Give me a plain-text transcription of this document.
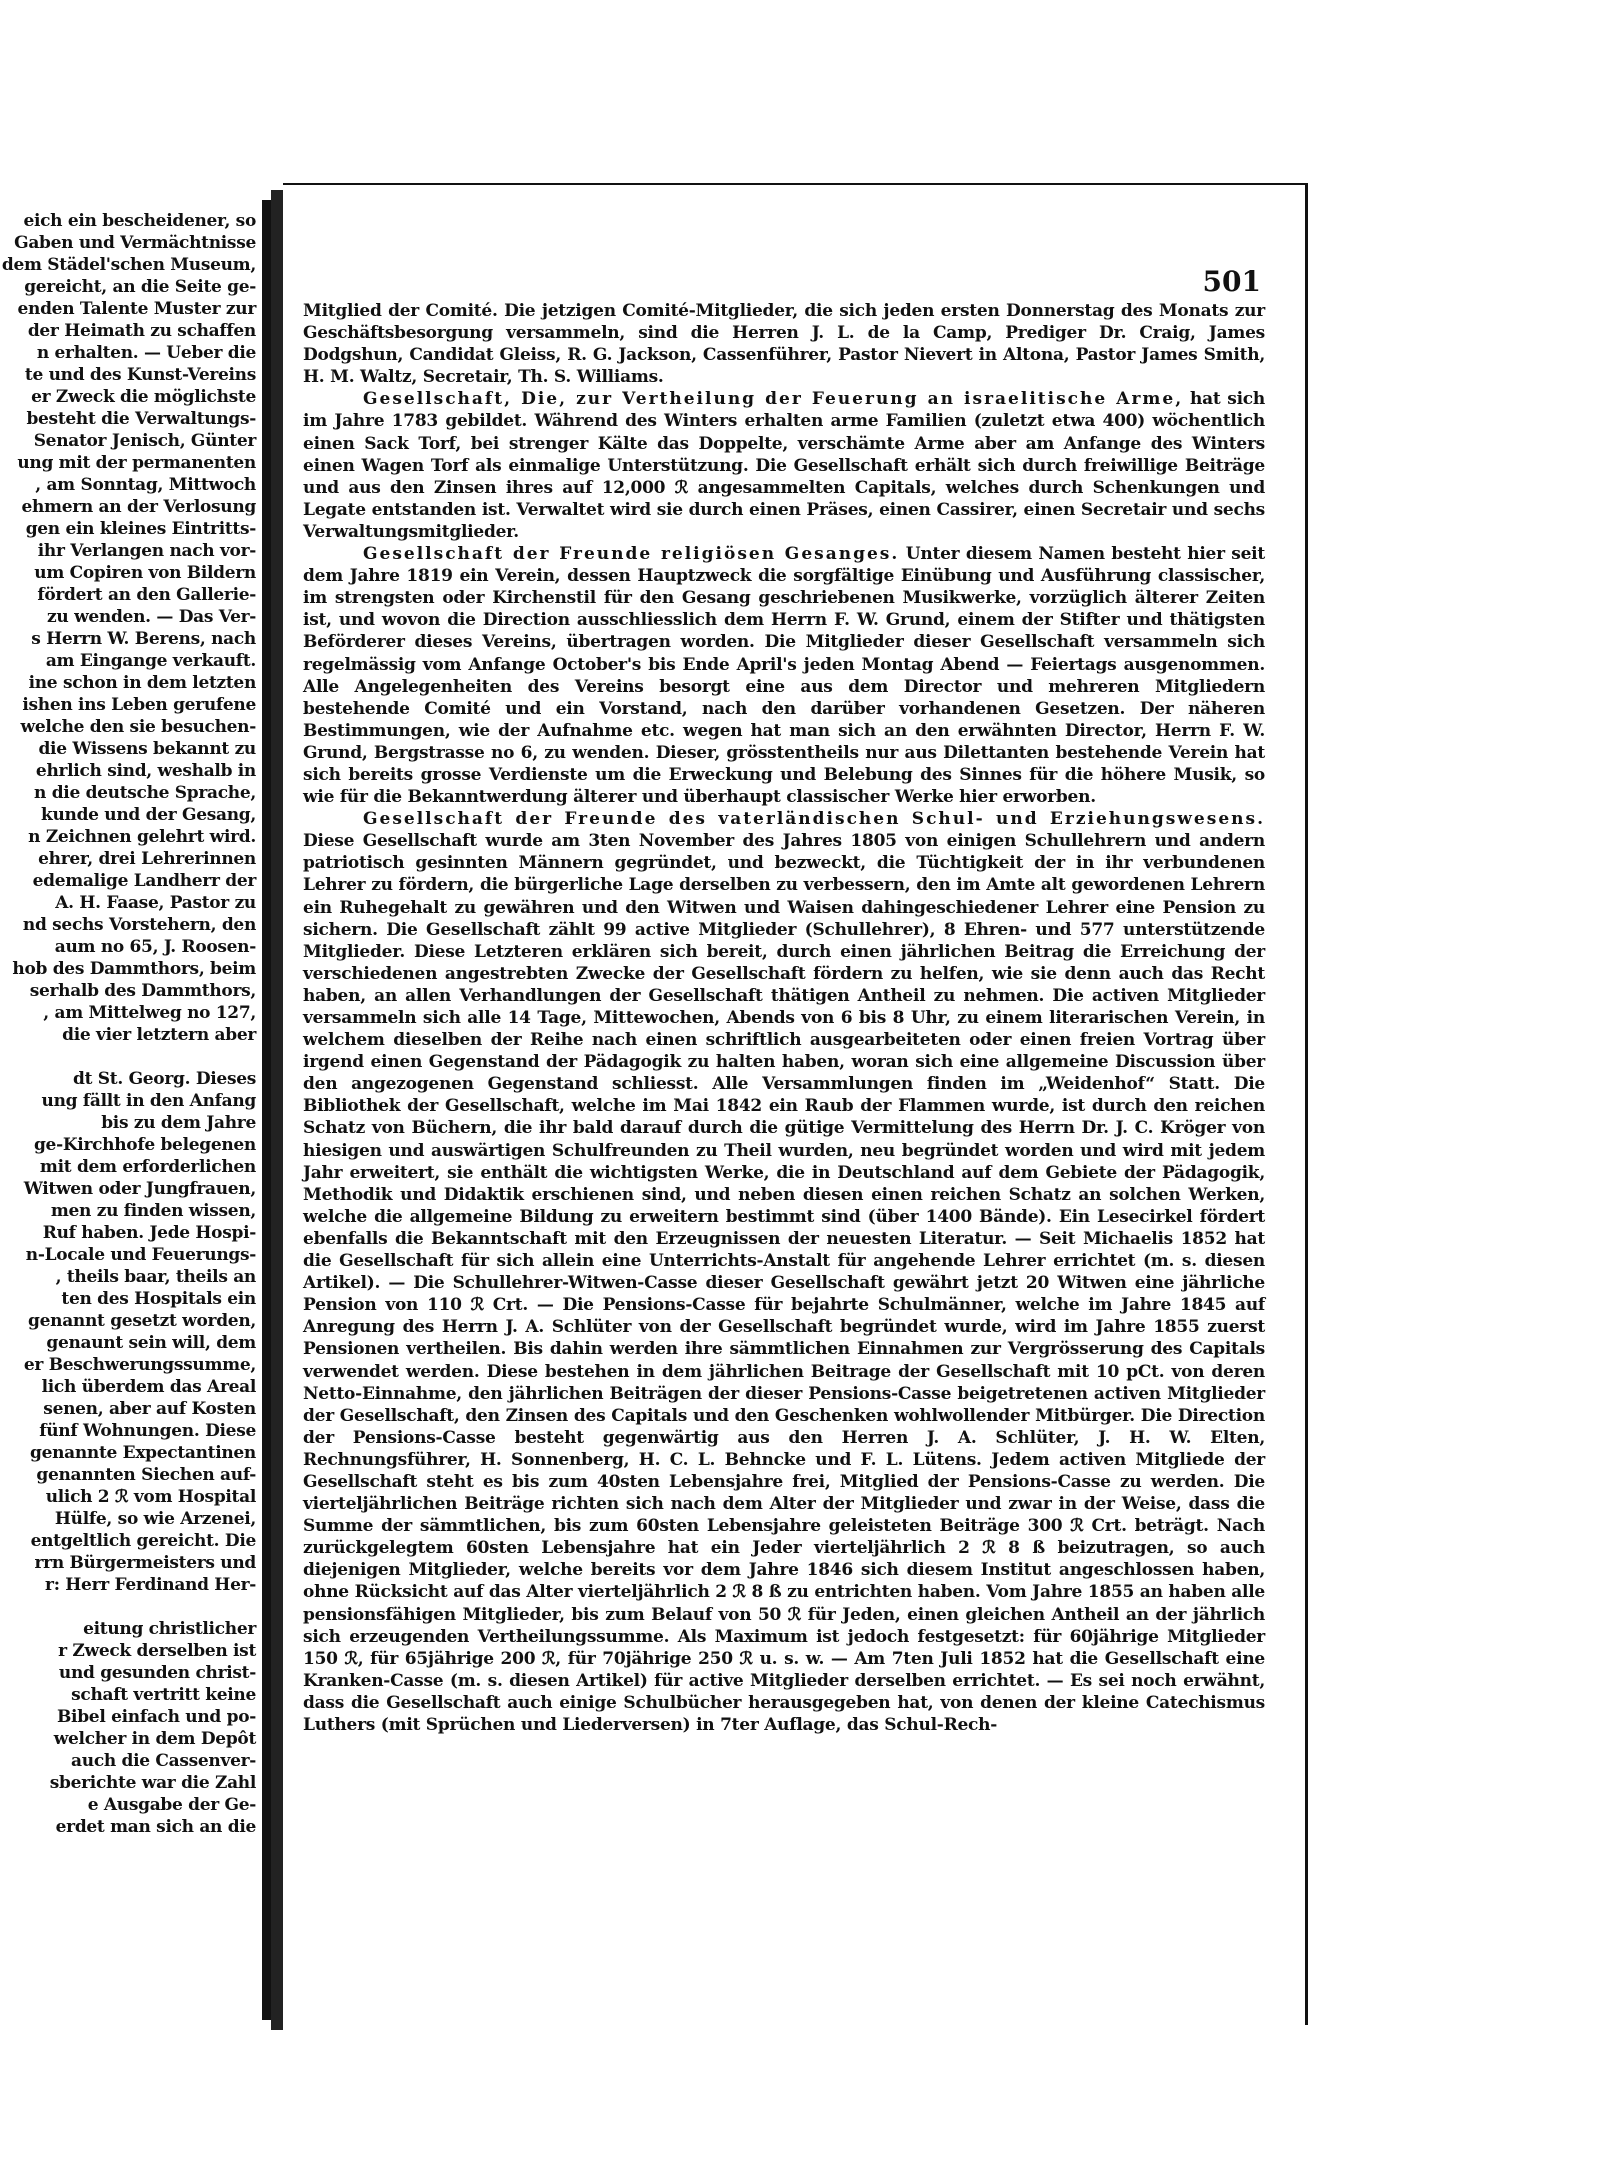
eich ein bescheidener, so
Gaben und Vermächtnisse
dem Städel'schen Museum,
gereicht, an die Seite ge-
enden Talente Muster zur
der Heimath zu schaffen
n erhalten. — Ueber die
te und des Kunst-Vereins
er Zweck die möglichste
besteht die Verwaltungs-
Senator Jenisch, Günter
ung mit der permanenten
, am Sonntag, Mittwoch
ehmern an der Verlosung
gen ein kleines Eintritts-
ihr Verlangen nach vor-
um Copiren von Bildern
fördert an den Gallerie-
zu wenden. — Das Ver-
s Herrn W. Berens, nach
am Eingange verkauft.
ine schon in dem letzten
ishen ins Leben gerufene
welche den sie besuchen-
die Wissens bekannt zu
ehrlich sind, weshalb in
n die deutsche Sprache,
kunde und der Gesang,
n Zeichnen gelehrt wird.
ehrer, drei Lehrerinnen
edemalige Landherr der
A. H. Faase, Pastor zu
nd sechs Vorstehern, den
aum no 65, J. Roosen-
hob des Dammthors, beim
serhalb des Dammthors,
, am Mittelweg no 127,
die vier letztern aber
dt St. Georg. Dieses
ung fällt in den Anfang
bis zu dem Jahre
ge-Kirchhofe belegenen
mit dem erforderlichen
Witwen oder Jungfrauen,
men zu finden wissen,
Ruf haben. Jede Hospi-
n-Locale und Feuerungs-
, theils baar, theils an
ten des Hospitals ein
genannt gesetzt worden,
genaunt sein will, dem
er Beschwerungssumme,
lich überdem das Areal
senen, aber auf Kosten
fünf Wohnungen. Diese
genannte Expectantinen
genannten Siechen auf-
ulich 2 ℛ vom Hospital
Hülfe, so wie Arzenei,
entgeltlich gereicht. Die
rrn Bürgermeisters und
r: Herr Ferdinand Her-
eitung christlicher
r Zweck derselben ist
und gesunden christ-
schaft vertritt keine
Bibel einfach und po-
welcher in dem Depôt
auch die Cassenver-
sberichte war die Zahl
e Ausgabe der Ge-
erdet man sich an die
501

Mitglied der Comité. Die jetzigen Comité-Mitglieder, die sich jeden ersten Donnerstag des Monats zur Geschäftsbesorgung versammeln, sind die Herren J. L. de la Camp, Prediger Dr. Craig, James Dodgshun, Candidat Gleiss, R. G. Jackson, Cassenführer, Pastor Nievert in Altona, Pastor James Smith, H. M. Waltz, Secretair, Th. S. Williams.

Gesellschaft, Die, zur Vertheilung der Feuerung an israelitische Arme, hat sich im Jahre 1783 gebildet. Während des Winters erhalten arme Familien (zuletzt etwa 400) wöchentlich einen Sack Torf, bei strenger Kälte das Doppelte, verschämte Arme aber am Anfange des Winters einen Wagen Torf als einmalige Unterstützung. Die Gesellschaft erhält sich durch freiwillige Beiträge und aus den Zinsen ihres auf 12,000 ℛ angesammelten Capitals, welches durch Schenkungen und Legate entstanden ist. Verwaltet wird sie durch einen Präses, einen Cassirer, einen Secretair und sechs Verwaltungsmitglieder.

Gesellschaft der Freunde religiösen Gesanges. Unter diesem Namen besteht hier seit dem Jahre 1819 ein Verein, dessen Hauptzweck die sorgfältige Einübung und Ausführung classischer, im strengsten oder Kirchenstil für den Gesang geschriebenen Musikwerke, vorzüglich älterer Zeiten ist, und wovon die Direction ausschliesslich dem Herrn F. W. Grund, einem der Stifter und thätigsten Beförderer dieses Vereins, übertragen worden. Die Mitglieder dieser Gesellschaft versammeln sich regelmässig vom Anfange October's bis Ende April's jeden Montag Abend — Feiertags ausgenommen. Alle Angelegenheiten des Vereins besorgt eine aus dem Director und mehreren Mitgliedern bestehende Comité und ein Vorstand, nach den darüber vorhandenen Gesetzen. Der näheren Bestimmungen, wie der Aufnahme etc. wegen hat man sich an den erwähnten Director, Herrn F. W. Grund, Bergstrasse no 6, zu wenden. Dieser, grösstentheils nur aus Dilettanten bestehende Verein hat sich bereits grosse Verdienste um die Erweckung und Belebung des Sinnes für die höhere Musik, so wie für die Bekanntwerdung älterer und überhaupt classischer Werke hier erworben.

Gesellschaft der Freunde des vaterländischen Schul- und Erziehungswesens. Diese Gesellschaft wurde am 3ten November des Jahres 1805 von einigen Schullehrern und andern patriotisch gesinnten Männern gegründet, und bezweckt, die Tüchtigkeit der in ihr verbundenen Lehrer zu fördern, die bürgerliche Lage derselben zu verbessern, den im Amte alt gewordenen Lehrern ein Ruhegehalt zu gewähren und den Witwen und Waisen dahingeschiedener Lehrer eine Pension zu sichern. Die Gesellschaft zählt 99 active Mitglieder (Schullehrer), 8 Ehren- und 577 unterstützende Mitglieder. Diese Letzteren erklären sich bereit, durch einen jährlichen Beitrag die Erreichung der verschiedenen angestrebten Zwecke der Gesellschaft fördern zu helfen, wie sie denn auch das Recht haben, an allen Verhandlungen der Gesellschaft thätigen Antheil zu nehmen. Die activen Mitglieder versammeln sich alle 14 Tage, Mittewochen, Abends von 6 bis 8 Uhr, zu einem literarischen Verein, in welchem dieselben der Reihe nach einen schriftlich ausgearbeiteten oder einen freien Vortrag über irgend einen Gegenstand der Pädagogik zu halten haben, woran sich eine allgemeine Discussion über den angezogenen Gegenstand schliesst. Alle Versammlungen finden im „Weidenhof“ Statt. Die Bibliothek der Gesellschaft, welche im Mai 1842 ein Raub der Flammen wurde, ist durch den reichen Schatz von Büchern, die ihr bald darauf durch die gütige Vermittelung des Herrn Dr. J. C. Kröger von hiesigen und auswärtigen Schulfreunden zu Theil wurden, neu begründet worden und wird mit jedem Jahr erweitert, sie enthält die wichtigsten Werke, die in Deutschland auf dem Gebiete der Pädagogik, Methodik und Didaktik erschienen sind, und neben diesen einen reichen Schatz an solchen Werken, welche die allgemeine Bildung zu erweitern bestimmt sind (über 1400 Bände). Ein Lesecirkel fördert ebenfalls die Bekanntschaft mit den Erzeugnissen der neuesten Literatur. — Seit Michaelis 1852 hat die Gesellschaft für sich allein eine Unterrichts-Anstalt für angehende Lehrer errichtet (m. s. diesen Artikel). — Die Schullehrer-Witwen-Casse dieser Gesellschaft gewährt jetzt 20 Witwen eine jährliche Pension von 110 ℛ Crt. — Die Pensions-Casse für bejahrte Schulmänner, welche im Jahre 1845 auf Anregung des Herrn J. A. Schlüter von der Gesellschaft begründet wurde, wird im Jahre 1855 zuerst Pensionen vertheilen. Bis dahin werden ihre sämmtlichen Einnahmen zur Vergrösserung des Capitals verwendet werden. Diese bestehen in dem jährlichen Beitrage der Gesellschaft mit 10 pCt. von deren Netto-Einnahme, den jährlichen Beiträgen der dieser Pensions-Casse beigetretenen activen Mitglieder der Gesellschaft, den Zinsen des Capitals und den Geschenken wohlwollender Mitbürger. Die Direction der Pensions-Casse besteht gegenwärtig aus den Herren J. A. Schlüter, J. H. W. Elten, Rechnungsführer, H. Sonnenberg, H. C. L. Behncke und F. L. Lütens. Jedem activen Mitgliede der Gesellschaft steht es bis zum 40sten Lebensjahre frei, Mitglied der Pensions-Casse zu werden. Die vierteljährlichen Beiträge richten sich nach dem Alter der Mitglieder und zwar in der Weise, dass die Summe der sämmtlichen, bis zum 60sten Lebensjahre geleisteten Beiträge 300 ℛ Crt. beträgt. Nach zurückgelegtem 60sten Lebensjahre hat ein Jeder vierteljährlich 2 ℛ 8 ß beizutragen, so auch diejenigen Mitglieder, welche bereits vor dem Jahre 1846 sich diesem Institut angeschlossen haben, ohne Rücksicht auf das Alter vierteljährlich 2 ℛ 8 ß zu entrichten haben. Vom Jahre 1855 an haben alle pensionsfähigen Mitglieder, bis zum Belauf von 50 ℛ für Jeden, einen gleichen Antheil an der jährlich sich erzeugenden Vertheilungssumme. Als Maximum ist jedoch festgesetzt: für 60jährige Mitglieder 150 ℛ, für 65jährige 200 ℛ, für 70jährige 250 ℛ u. s. w. — Am 7ten Juli 1852 hat die Gesellschaft eine Kranken-Casse (m. s. diesen Artikel) für active Mitglieder derselben errichtet. — Es sei noch erwähnt, dass die Gesellschaft auch einige Schulbücher herausgegeben hat, von denen der kleine Catechismus Luthers (mit Sprüchen und Liederversen) in 7ter Auflage, das Schul-Rech-
